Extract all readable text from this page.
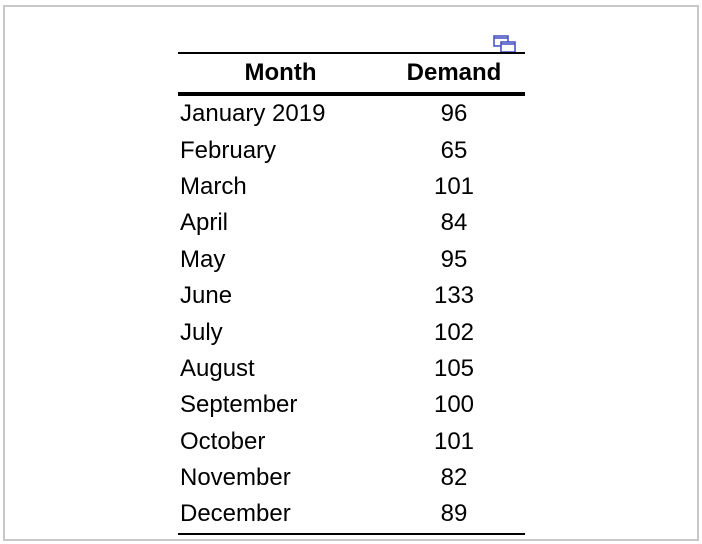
Month	Demand
January 2019	96
February	65
March	101
April	84
May	95
June	133
July	102
August	105
September	100
October	101
November	82
December	89
